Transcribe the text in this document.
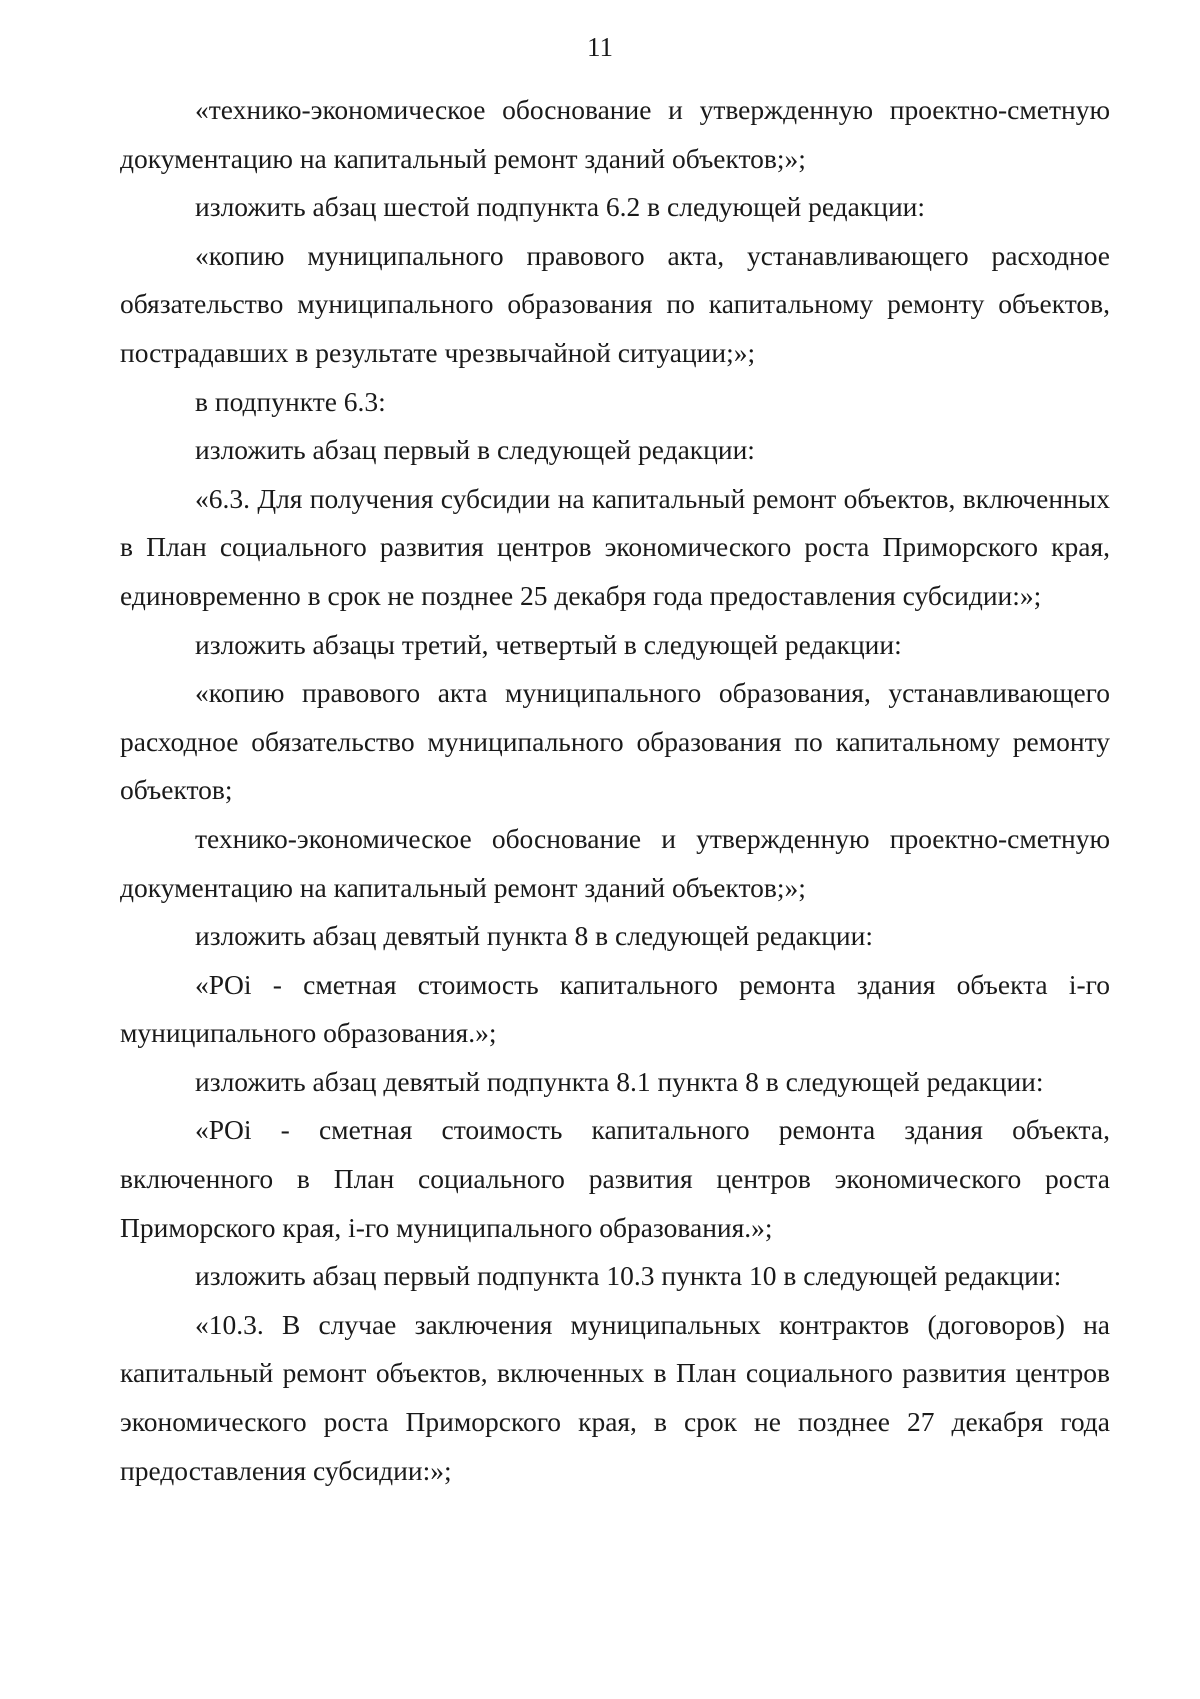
11

«технико-экономическое обоснование и утвержденную проектно-сметную документацию на капитальный ремонт зданий объектов;»;

изложить абзац шестой подпункта 6.2 в следующей редакции:

«копию муниципального правового акта, устанавливающего расходное обязательство муниципального образования по капитальному ремонту объектов, пострадавших в результате чрезвычайной ситуации;»;

в подпункте 6.3:

изложить абзац первый в следующей редакции:

«6.3. Для получения субсидии на капитальный ремонт объектов, включенных в План социального развития центров экономического роста Приморского края, единовременно в срок не позднее 25 декабря года предоставления субсидии:»;

изложить абзацы третий, четвертый в следующей редакции:

«копию правового акта муниципального образования, устанавливающего расходное обязательство муниципального образования по капитальному ремонту объектов;

технико-экономическое обоснование и утвержденную проектно-сметную документацию на капитальный ремонт зданий объектов;»;

изложить абзац девятый пункта 8 в следующей редакции:

«POi - сметная стоимость капитального ремонта здания объекта i-го муниципального образования.»;

изложить абзац девятый подпункта 8.1 пункта 8 в следующей редакции:

«POi - сметная стоимость капитального ремонта здания объекта, включенного в План социального развития центров экономического роста Приморского края, i-го муниципального образования.»;

изложить абзац первый подпункта 10.3 пункта 10 в следующей редакции:

«10.3. В случае заключения муниципальных контрактов (договоров) на капитальный ремонт объектов, включенных в План социального развития центров экономического роста Приморского края, в срок не позднее 27 декабря года предоставления субсидии:»;
